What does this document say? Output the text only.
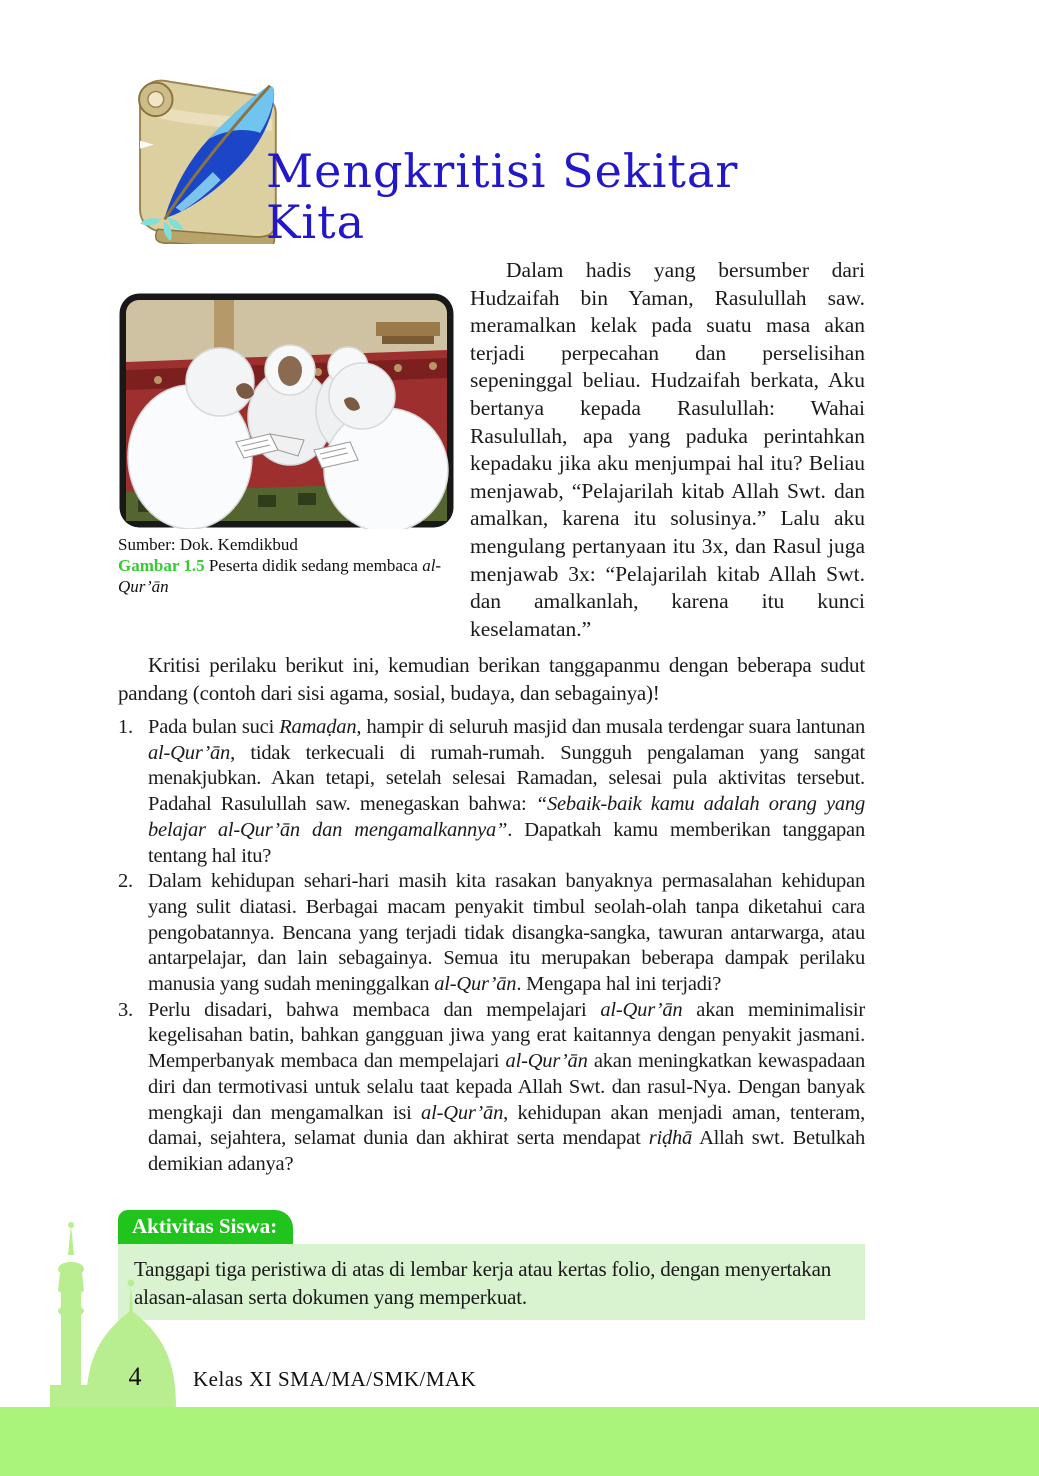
Mengkritisi Sekitar Kita
Sumber: Dok. Kemdikbud
Gambar 1.5 Peserta didik sedang membaca al-Qur’ān

Dalam hadis yang bersumber dari Hudzaifah bin Yaman, Rasulullah saw. meramalkan kelak pada suatu masa akan terjadi perpecahan dan perselisihan sepeninggal beliau. Hudzaifah berkata, Aku bertanya kepada Rasulullah: Wahai Rasulullah, apa yang paduka perintahkan kepadaku jika aku menjumpai hal itu? Beliau menjawab, “Pelajarilah kitab Allah Swt. dan amalkan, karena itu solusinya.” Lalu aku mengulang pertanyaan itu 3x, dan Rasul juga menjawab 3x: “Pelajarilah kitab Allah Swt. dan amalkanlah, karena itu kunci keselamatan.”

Kritisi perilaku berikut ini, kemudian berikan tanggapanmu dengan beberapa sudut pandang (contoh dari sisi agama, sosial, budaya, dan sebagainya)!

1. Pada bulan suci Ramaḍan, hampir di seluruh masjid dan musala terdengar suara lantunan al-Qur’ān, tidak terkecuali di rumah-rumah. Sungguh pengalaman yang sangat menakjubkan. Akan tetapi, setelah selesai Ramadan, selesai pula aktivitas tersebut. Padahal Rasulullah saw. menegaskan bahwa: “Sebaik-baik kamu adalah orang yang belajar al-Qur’ān dan mengamalkannya”. Dapatkah kamu memberikan tanggapan tentang hal itu?
2. Dalam kehidupan sehari-hari masih kita rasakan banyaknya permasalahan kehidupan yang sulit diatasi. Berbagai macam penyakit timbul seolah-olah tanpa diketahui cara pengobatannya. Bencana yang terjadi tidak disangka-sangka, tawuran antarwarga, atau antarpelajar, dan lain sebagainya. Semua itu merupakan beberapa dampak perilaku manusia yang sudah meninggalkan al-Qur’ān. Mengapa hal ini terjadi?
3. Perlu disadari, bahwa membaca dan mempelajari al-Qur’ān akan meminimalisir kegelisahan batin, bahkan gangguan jiwa yang erat kaitannya dengan penyakit jasmani. Memperbanyak membaca dan mempelajari al-Qur’ān akan meningkatkan kewaspadaan diri dan termotivasi untuk selalu taat kepada Allah Swt. dan rasul-Nya. Dengan banyak mengkaji dan mengamalkan isi al-Qur’ān, kehidupan akan menjadi aman, tenteram, damai, sejahtera, selamat dunia dan akhirat serta mendapat riḍhā Allah swt. Betulkah demikian adanya?
Aktivitas Siswa:
Tanggapi tiga peristiwa di atas di lembar kerja atau kertas folio, dengan menyertakan alasan-alasan serta dokumen yang memperkuat.
4	Kelas XI SMA/MA/SMK/MAK
